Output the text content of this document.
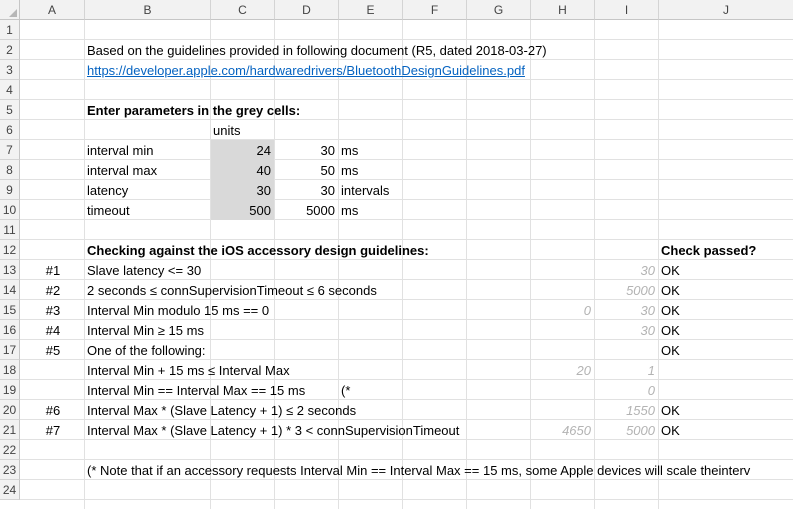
A	B	C	D	E	F	G	H	I	J
1
2
3
4
5
6
7
8
9
10
11
12
13
14
15
16
17
18
19
20
21
22
23
24
Based on the guidelines provided in following document (R5, dated 2018-03-27)
https://developer.apple.com/hardwaredrivers/BluetoothDesignGuidelines.pdf
Enter parameters in the grey cells:
units
interval min	24	30 ms
interval max	40	50 ms
latency	30	30 intervals
timeout	500	5000 ms
Checking against the iOS accessory design guidelines:	Check passed?
#1	Slave latency <= 30	30 OK
#2	2 seconds ≤ connSupervisionTimeout ≤ 6 seconds	5000 OK
#3	Interval Min modulo 15 ms == 0	0	30 OK
#4	Interval Min ≥ 15 ms	30 OK
#5	One of the following:	OK
Interval Min + 15 ms ≤ Interval Max	20	1
Interval Min == Interval Max == 15 ms	(*	0
#6	Interval Max * (Slave Latency + 1) ≤ 2 seconds	1550 OK
#7	Interval Max * (Slave Latency + 1) * 3 < connSupervisionTimeout	4650	5000 OK
(* Note that if an accessory requests Interval Min == Interval Max == 15 ms, some Apple devices will scale theinterv
